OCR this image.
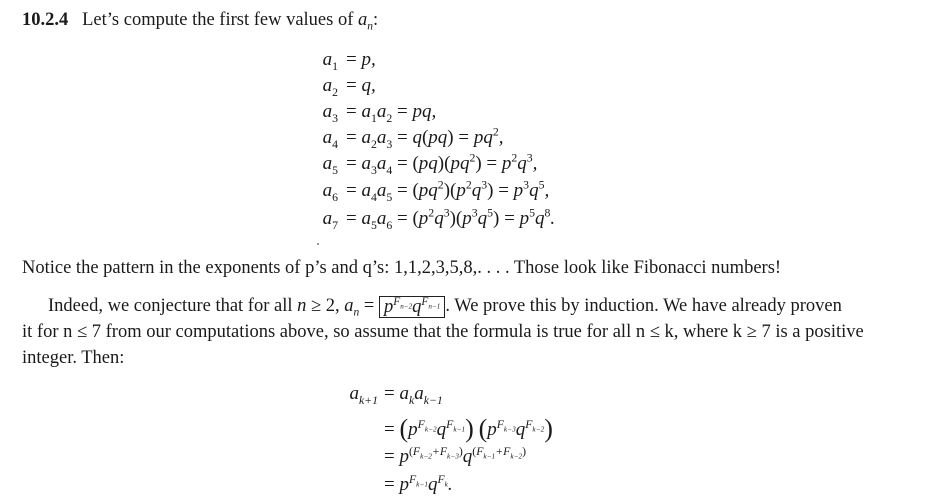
10.2.4 Let’s compute the first few values of $a_n$:
$a_1 = p$,
$a_2 = q$,
$a_3 = a_1a_2$ = pq,
$a_4 = a_2a_3 = q(pq) = pq^2$,
$a_5 = a_3a_4 = (pq)(pq^2) = p^2q^3$,
$a_6 = a_4a_5 = (pq^2)(p^2q^3) = p^3q^5$,
$a_7 = a_5a_6 = (p^2q^3)(p^3q^5) = p^5q^8$.
Notice the pattern in the exponents of p’s and q’s: 1,1,2,3,5,8,. . . . Those look like Fibonacci numbers!
Indeed, we conjecture that for all n ≥ 2, $a_n = p^{F_{n-2}}q^{F_{n-1}}$ . We prove this by induction. We have already proven
it for n ≤ 7 from our computations above, so assume that the formula is true for all n ≤ k, where k ≥ 7 is a positive
integer. Then:
$a_{k+1} = a_ka_{k-1}$
= $(p^{F_{k-2}}q^{F_{k-1}})$ $(p^{F_{k-3}}q^{F_{k-2}})$
= $p^{(F_{k-2}+F_{k-3})}q^{(F_{k-1}+F_{k-2})}$
= $p^{F_{k-1}}q^{F_k}$.
